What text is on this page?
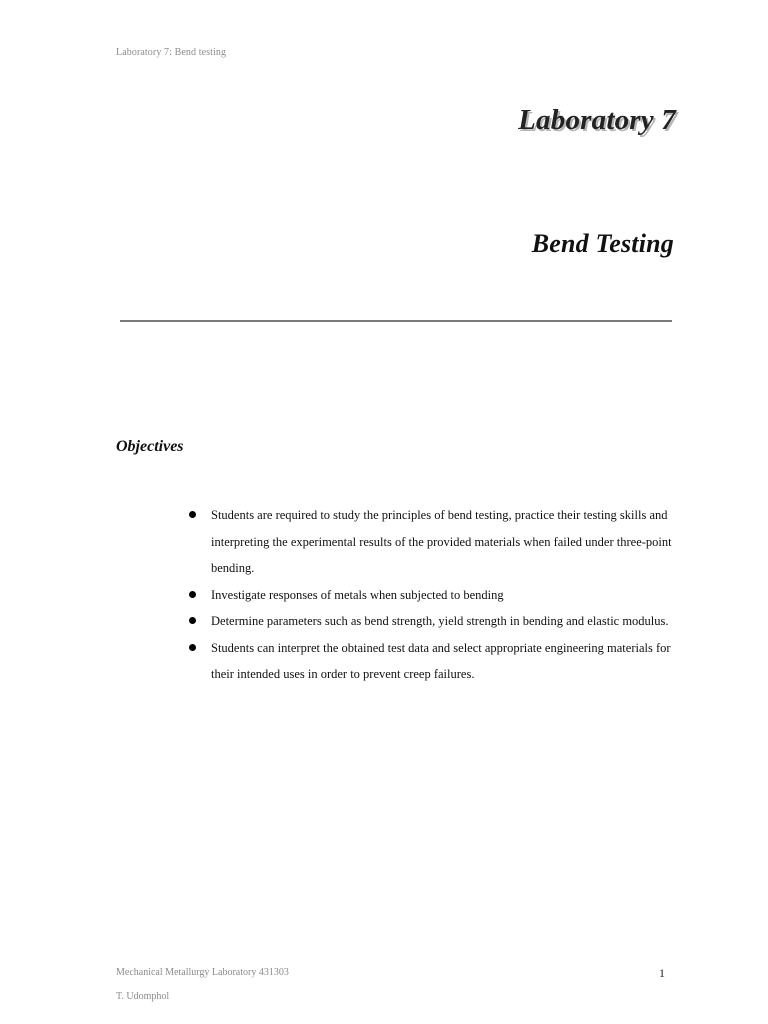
Laboratory 7: Bend testing
Laboratory 7
Bend Testing
Objectives
Students are required to study the principles of bend testing, practice their testing skills and interpreting the experimental results of the provided materials when failed under three-point bending.
Investigate responses of metals when subjected to bending
Determine parameters such as bend strength, yield strength in bending and elastic modulus.
Students can interpret the obtained test data and select appropriate engineering materials for their intended uses in order to prevent creep failures.
Mechanical Metallurgy Laboratory 431303	1
T. Udomphol
